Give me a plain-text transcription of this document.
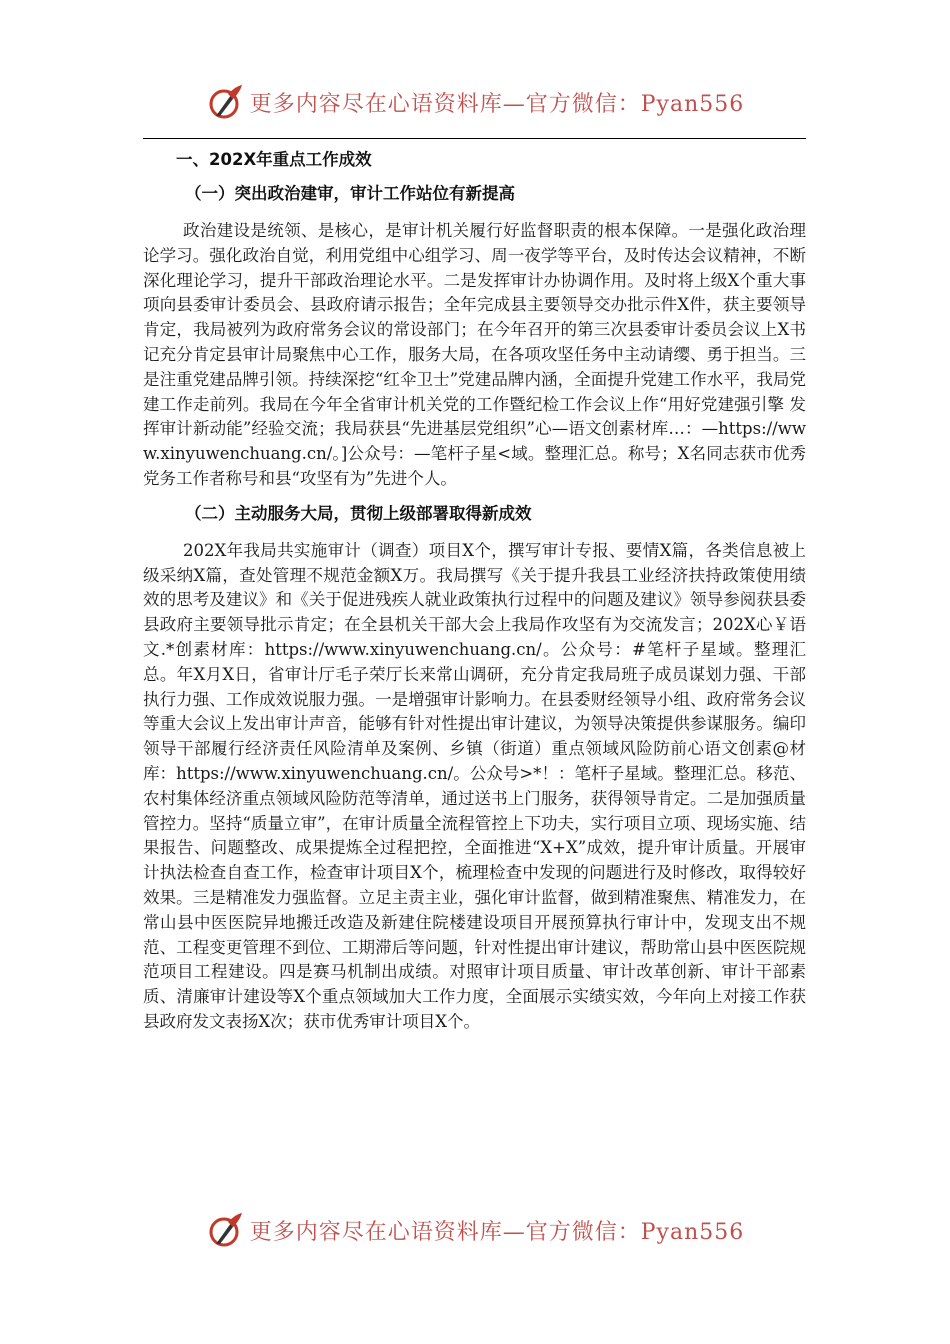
更多内容尽在心语资料库—官方微信：Pyan556
一、202X年重点工作成效
（一）突出政治建审，审计工作站位有新提高
政治建设是统领、是核心，是审计机关履行好监督职责的根本保障。一是强化政治理论学习。强化政治自觉，利用党组中心组学习、周一夜学等平台，及时传达会议精神，不断深化理论学习，提升干部政治理论水平。二是发挥审计办协调作用。及时将上级X个重大事项向县委审计委员会、县政府请示报告；全年完成县主要领导交办批示件X件，获主要领导肯定，我局被列为政府常务会议的常设部门；在今年召开的第三次县委审计委员会议上X书记充分肯定县审计局聚焦中心工作，服务大局，在各项攻坚任务中主动请缨、勇于担当。三是注重党建品牌引领。持续深挖“红伞卫士”党建品牌内涵，全面提升党建工作水平，我局党建工作走前列。我局在今年全省审计机关党的工作暨纪检工作会议上作“用好党建强引擎 发挥审计新动能”经验交流；我局获县“先进基层党组织”心—语文创素材库…：—https://www.xinyuwenchuang.cn/。]公众号：—笔杆子星<域。整理汇总。称号；X名同志获市优秀党务工作者称号和县“攻坚有为”先进个人。
（二）主动服务大局，贯彻上级部署取得新成效
202X年我局共实施审计（调查）项目X个，撰写审计专报、要情X篇，各类信息被上级采纳X篇，查处管理不规范金额X万。我局撰写《关于提升我县工业经济扶持政策使用绩效的思考及建议》和《关于促进残疾人就业政策执行过程中的问题及建议》领导参阅获县委县政府主要领导批示肯定；在全县机关干部大会上我局作攻坚有为交流发言；202X心￥语文.*创素材库：https://www.xinyuwenchuang.cn/。公众号：#笔杆子星域。整理汇总。年X月X日，省审计厅毛子荣厅长来常山调研，充分肯定我局班子成员谋划力强、干部执行力强、工作成效说服力强。一是增强审计影响力。在县委财经领导小组、政府常务会议等重大会议上发出审计声音，能够有针对性提出审计建议，为领导决策提供参谋服务。编印领导干部履行经济责任风险清单及案例、乡镇（街道）重点领域风险防前心语文创素@材库：https://www.xinyuwenchuang.cn/。公众号>*！：笔杆子星域。整理汇总。移范、农村集体经济重点领域风险防范等清单，通过送书上门服务，获得领导肯定。二是加强质量管控力。坚持“质量立审”，在审计质量全流程管控上下功夫，实行项目立项、现场实施、结果报告、问题整改、成果提炼全过程把控，全面推进“X+X”成效，提升审计质量。开展审计执法检查自查工作，检查审计项目X个，梳理检查中发现的问题进行及时修改，取得较好效果。三是精准发力强监督。立足主责主业，强化审计监督，做到精准聚焦、精准发力，在常山县中医医院异地搬迁改造及新建住院楼建设项目开展预算执行审计中，发现支出不规范、工程变更管理不到位、工期滞后等问题，针对性提出审计建议，帮助常山县中医医院规范项目工程建设。四是赛马机制出成绩。对照审计项目质量、审计改革创新、审计干部素质、清廉审计建设等X个重点领域加大工作力度，全面展示实绩实效，今年向上对接工作获县政府发文表扬X次；获市优秀审计项目X个。
更多内容尽在心语资料库—官方微信：Pyan556
